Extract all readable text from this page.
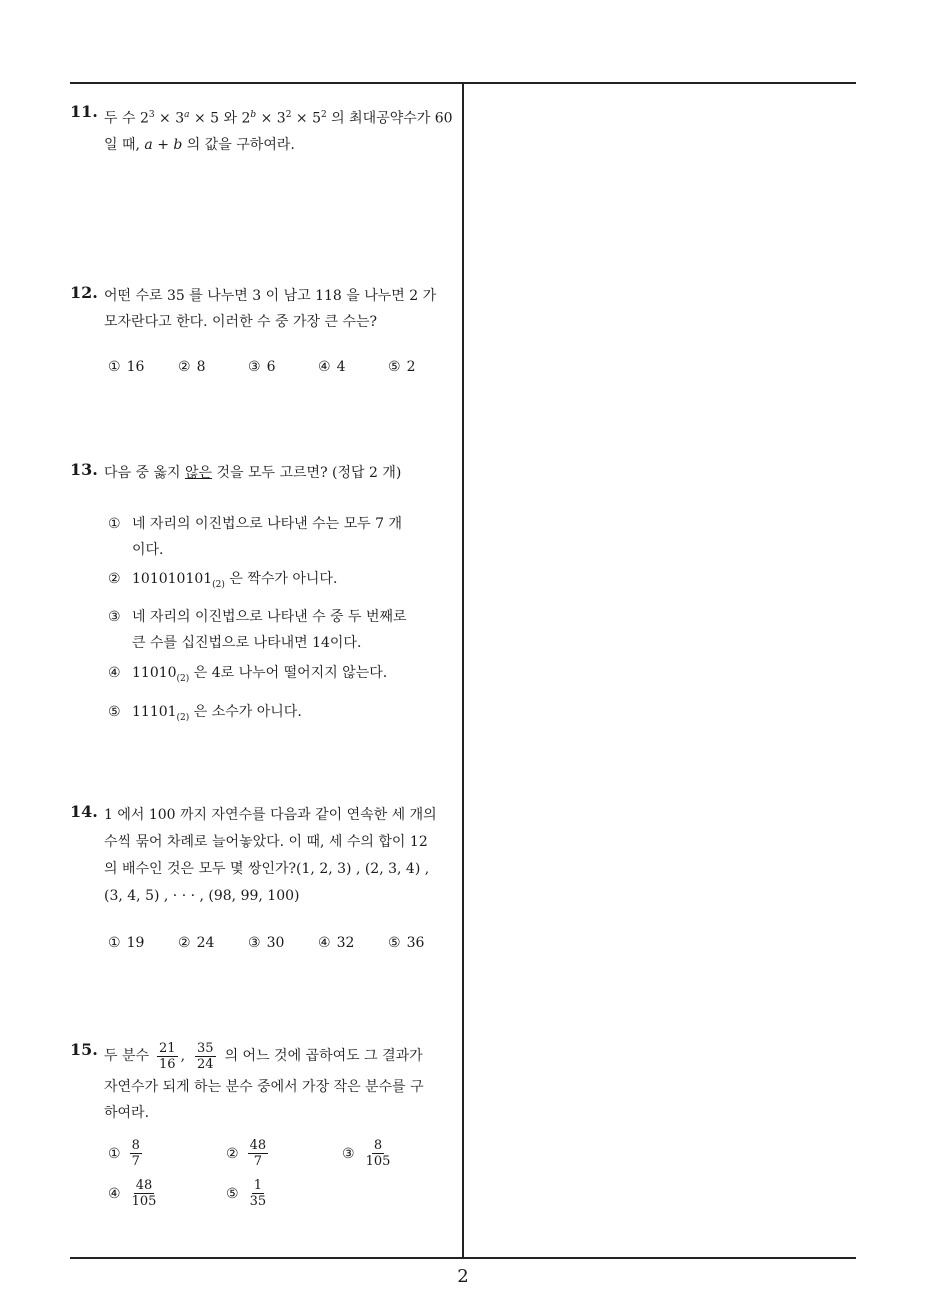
11. 두 수 $2^3 \times 3^a \times 5$ 와 $2^b \times 3^2 \times 5^2$ 의 최대공약수가 60
일 때, a + b 의 값을 구하여라.
12. 어떤 수로 35 를 나누면 3 이 남고 118 을 나누면 2 가
모자란다고 한다. 이러한 수 중 가장 큰 수는?
① 16 ② 8	③ 6	④ 4	⑤ 2
13. 다음 중 옳지 않은 것을 모두 고르면? (정답 2 개)
① 네 자리의 이진법으로 나타낸 수는 모두 7 개
이다.
② $101010101_{(2)}$ 은 짝수가 아니다.
③ 네 자리의 이진법으로 나타낸 수 중 두 번째로
큰 수를 십진법으로 나타내면 14이다.
④ $11010_{(2)}$ 은 4로 나누어 떨어지지 않는다.
⑤ $11101_{(2)}$ 은 소수가 아니다.
14. 1 에서 100 까지 자연수를 다음과 같이 연속한 세 개의
수씩 묶어 차례로 늘어놓았다. 이 때, 세 수의 합이 12
의 배수인 것은 모두 몇 쌍인가?(1, 2, 3) , (2, 3, 4) ,
(3, 4, 5) , · · · , (98, 99, 100)
① 19 ② 24 ③ 30 ④ 32 ⑤ 36
15. 두 분수 $\frac{21}{16}$ , $\frac{35}{24}$ 의 어느 것에 곱하여도 그 결과가
자연수가 되게 하는 분수 중에서 가장 작은 분수를 구
하여라.
① $\frac{8}{7}$	② $\frac{48}{7}$	③ $\frac{8}{105}$
④ $\frac{48}{105}$	⑤ $\frac{1}{35}$
2
